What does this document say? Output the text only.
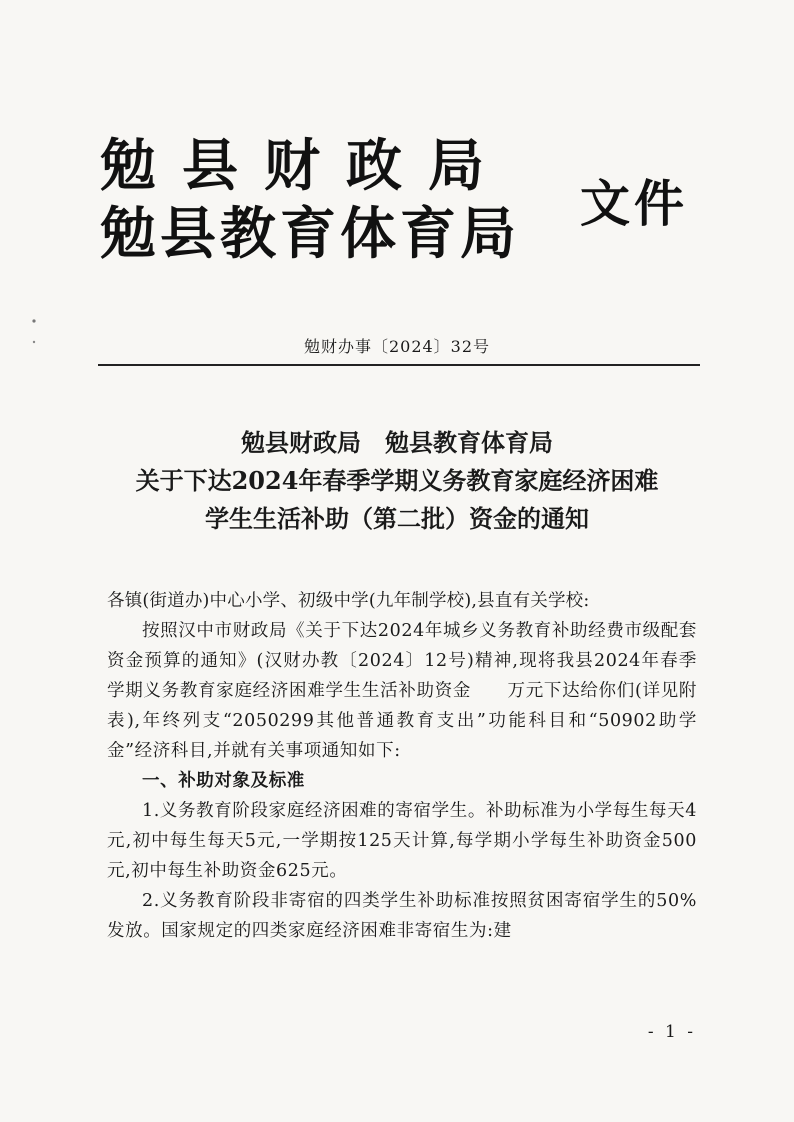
勉县财政局
勉县教育体育局 文件
勉财办事〔2024〕32号
勉县财政局　勉县教育体育局
关于下达2024年春季学期义务教育家庭经济困难
学生生活补助（第二批）资金的通知

各镇(街道办)中心小学、初级中学(九年制学校),县直有关学校:

按照汉中市财政局《关于下达2024年城乡义务教育补助经费市级配套资金预算的通知》(汉财办教〔2024〕12号)精神,现将我县2024年春季学期义务教育家庭经济困难学生生活补助资金　　万元下达给你们(详见附表),年终列支“2050299其他普通教育支出”功能科目和“50902助学金”经济科目,并就有关事项通知如下:

一、补助对象及标准

1.义务教育阶段家庭经济困难的寄宿学生。补助标准为小学每生每天4元,初中每生每天5元,一学期按125天计算,每学期小学每生补助资金500元,初中每生补助资金625元。

2.义务教育阶段非寄宿的四类学生补助标准按照贫困寄宿学生的50%发放。国家规定的四类家庭经济困难非寄宿生为:建

- 1 -
